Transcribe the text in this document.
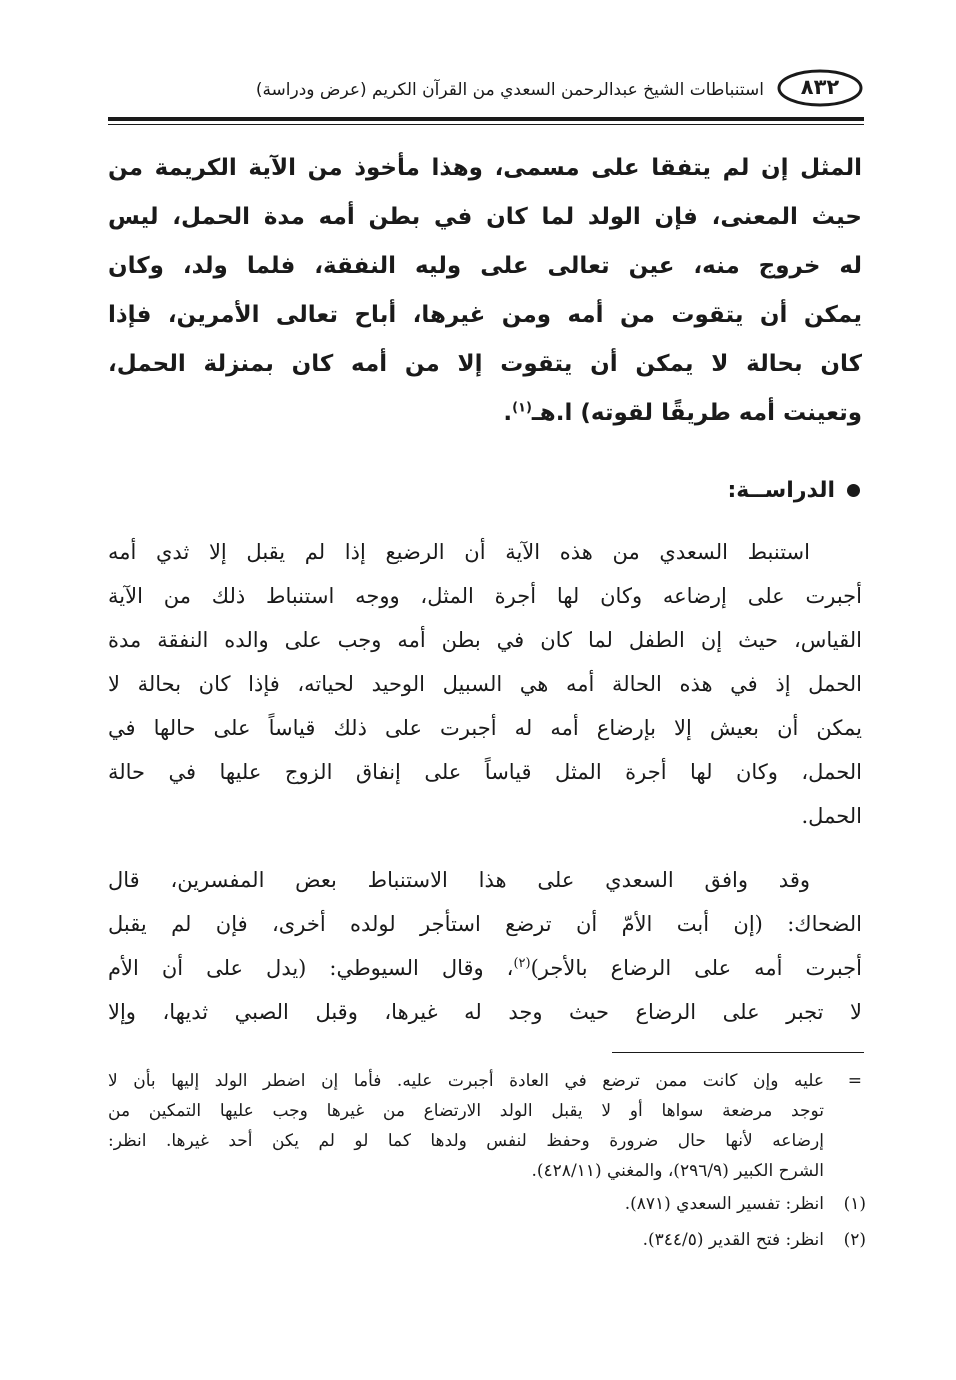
٨٣٢
استنباطات الشيخ عبدالرحمن السعدي من القرآن الكريم (عرض ودراسة)
المثل إن لم يتفقا على مسمى، وهذا مأخوذ من الآية الكريمة من
حيث المعنى، فإن الولد لما كان في بطن أمه مدة الحمل، ليس
له خروج منه، عين تعالى على وليه النفقة، فلما ولد، وكان
يمكن أن يتقوت من أمه ومن غيرها، أباح تعالى الأمرين، فإذا
كان بحالة لا يمكن أن يتقوت إلا من أمه كان بمنزلة الحمل،
وتعينت أمه طريقًا لقوته) ا.هـ$^{(١)}$.
الدراســة:
استنبط السعدي من هذه الآية أن الرضيع إذا لم يقبل إلا ثدي أمه
أجبرت على إرضاعه وكان لها أجرة المثل، ووجه استنباط ذلك من الآية
القياس، حيث إن الطفل لما كان في بطن أمه وجب على والده النفقة مدة
الحمل إذ في هذه الحالة أمه هي السبيل الوحيد لحياته، فإذا كان بحالة لا
يمكن أن بعيش إلا بإرضاع أمه له أجبرت على ذلك قياساً على حالها في
الحمل، وكان لها أجرة المثل قياساً على إنفاق الزوج عليها في حالة
الحمل.
وقد وافق السعدي على هذا الاستنباط بعض المفسرين، قال
الضحاك: (إن أبت الأمّ أن ترضع استأجر لولده أخرى، فإن لم يقبل
أجبرت أمه على الرضاع بالأجر)$^{(٢)}$، وقال السيوطي: (يدل على أن الأم
لا تجبر على الرضاع حيث وجد له غيرها، وقبل الصبي ثديها، وإلا
=
عليه وإن كانت ممن ترضع في العادة أجبرت عليه. فأما إن اضطر الولد إليها بأن لا
توجد مرضعة سواها أو لا يقبل الولد الارتضاع من غيرها وجب عليها التمكين من
إرضاعه لأنها حال ضرورة وحفظ لنفس ولدها كما لو لم يكن أحد غيرها. انظر:
الشرح الكبير (٢٩٦/٩)، والمغني (٤٢٨/١١).
(١)
انظر: تفسير السعدي (٨٧١).
(٢)
انظر: فتح القدير (٣٤٤/٥).
